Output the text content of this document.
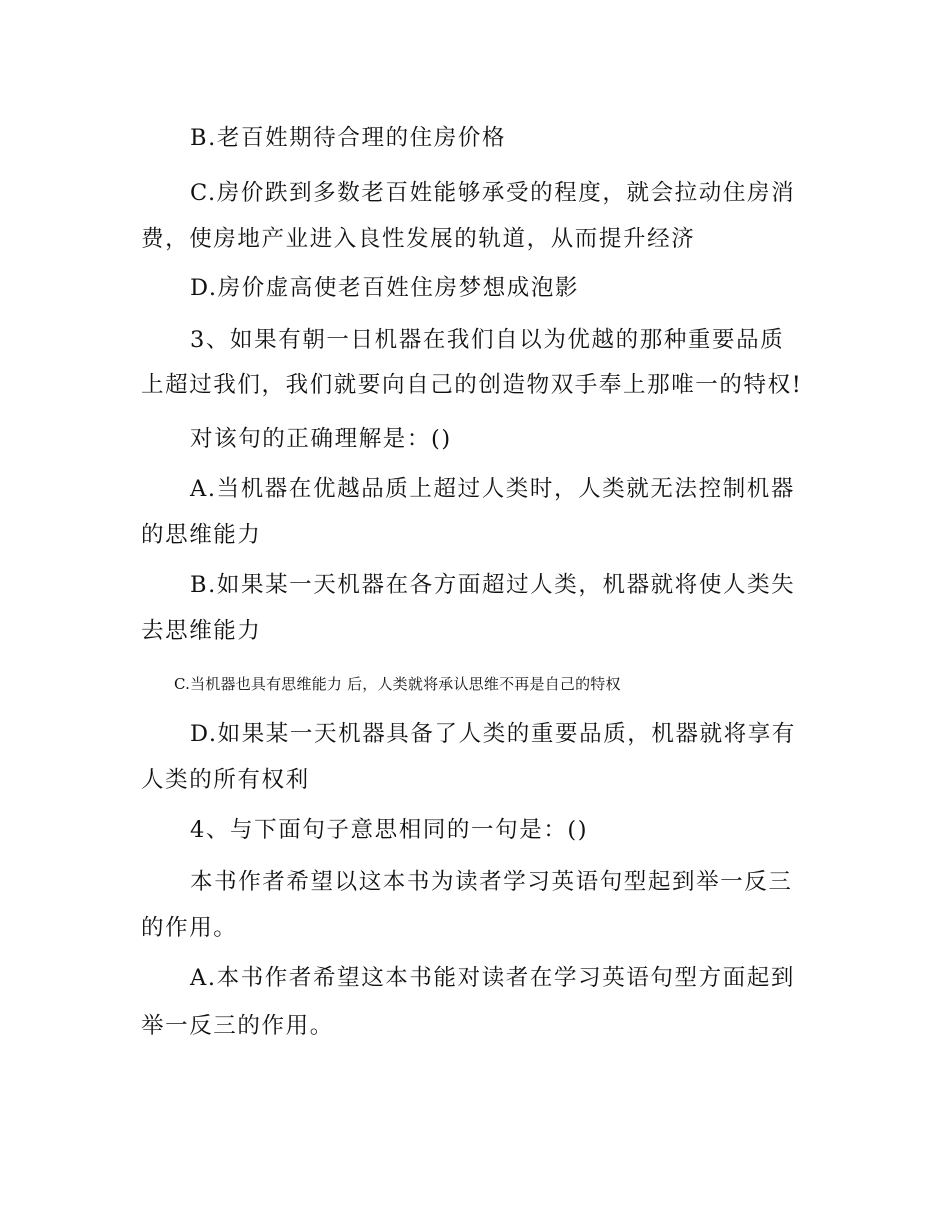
B.老百姓期待合理的住房价格
C.房价跌到多数老百姓能够承受的程度，就会拉动住房消
费，使房地产业进入良性发展的轨道，从而提升经济
D.房价虚高使老百姓住房梦想成泡影
3、如果有朝一日机器在我们自以为优越的那种重要品质
上超过我们，我们就要向自己的创造物双手奉上那唯一的特权!
对该句的正确理解是：()
A.当机器在优越品质上超过人类时，人类就无法控制机器
的思维能力
B.如果某一天机器在各方面超过人类，机器就将使人类失
去思维能力
C.当机器也具有思维能力 后，人类就将承认思维不再是自己的特权
D.如果某一天机器具备了人类的重要品质，机器就将享有
人类的所有权利
4、与下面句子意思相同的一句是：()
本书作者希望以这本书为读者学习英语句型起到举一反三
的作用。
A.本书作者希望这本书能对读者在学习英语句型方面起到
举一反三的作用。
